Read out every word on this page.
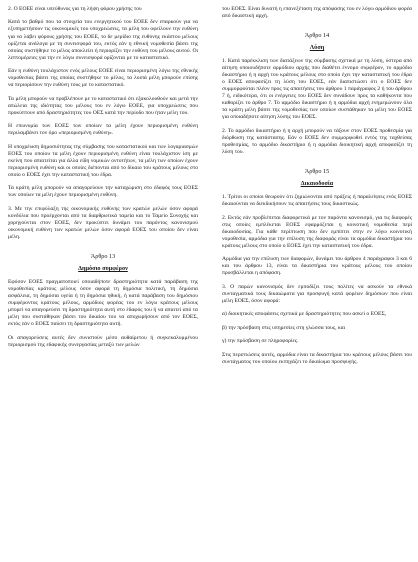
2. Ο ΕΟΕΕ είναι υπεύθυνος για τη λήψη φόρου χρήσης του

Κατά το βαθμό που τα στοιχεία του ενεργητικού του ΕΟΕΕ δεν επαρκούν για να εξυπηρετήσουν τις οικονομικές του υποχρεώσεις, τα μέλη του οφείλουν την ευθύνη για να λάβει φόρους χρήσης του ΕΟΕΕ, το δε μερίδιο της ευθύνης εκάστου μέλους ορίζεται ανάλογα με τη συνεισφορά του, εκτός εάν η εθνική νομοθεσία βάσει της οποίας συστήθηκε το μέλος αποκλείει ή περιορίζει την ευθύνη του μέλους αυτού. Οι λεπτομέρειες για την εν λόγω συνεισφορά ορίζονται με το καταστατικό.

Εάν η ευθύνη τουλάχιστον ενός μέλους ΕΟΕΕ είναι περιορισμένη λόγω της εθνικής νομοθεσίας βάσει της οποίας συστήθηκε το μέλος, τα λοιπά μέλη μπορούν επίσης να περιορίσουν την ευθύνη τους με το καταστατικό.

Τα μέλη μπορούν να προβλέπουν με το καταστατικό ότι εξακολουθούν και μετά την απώλεια της ιδιότητας του μέλους του εν λόγω ΕΟΕΕ, για υποχρεώσεις που προκύπτουν από δραστηριότητες του ΟΕΣ κατά την περίοδο που ήταν μέλη του.

Η επωνυμία των ΕΟΕΣ των οποίων τα μέλη έχουν περιορισμένη ευθύνη περιλαμβάνει τον όρο «περιορισμένη ευθύνη».

Η υποχρέωση δημοσιότητας της σύμβασης του καταστατικού και των λογαριασμών ΕΟΕΣ του οποίου τα μέλη έχουν περιορισμένη ευθύνη είναι τουλάχιστον ίση με εκείνη που απαιτείται για άλλα είδη νομικών οντοτήτων, τα μέλη των οποίων έχουν περιορισμένη ευθύνη και οι οποίες διέπονται από το δίκαιο του κράτους μέλους στο οποίο ο ΕΟΕΣ έχει την καταστατική του έδρα.

Τα κράτη μέλη μπορούν να απαγορεύουν την καταχώριση στο έδαφός τους ΕΟΕΣ των οποίων τα μέλη έχουν περιορισμένη ευθύνη.

3. Με την επιφύλαξη της οικονομικής ευθύνης των κρατών μελών όσον αφορά κονδύλια που προέρχονται από τα διαρθρωτικά ταμεία και το Ταμείο Συνοχής και χορηγούνται στον ΕΟΕΣ, δεν προκύπτει δυνάμει του παρόντος κανονισμού οικονομική ευθύνη των κρατών μελών όσον αφορά ΕΟΕΣ του οποίου δεν είναι μέλη.

Άρθρο 13
Δημόσιο συμφέρον

Εφόσον ΕΟΕΣ πραγματοποιεί οποιαδήποτε δραστηριότητα κατά παράβαση της νομοθεσίας κράτους μέλους όσον αφορά τη δημόσια πολιτική, τη δημόσια ασφάλεια, τη δημόσια υγεία ή τη δημόσια ηθική, ή κατά παράβαση του δημόσιου συμφέροντος κράτους μέλους, αρμόδιος φορέας του εν λόγω κράτους μέλους μπορεί να απαγορεύσει τη δραστηριότητα αυτή στο έδαφός του ή να απαιτεί από τα μέλη που συστάθηκαν βάσει του δικαίου του να αποχωρήσουν από τον ΕΟΕΣ, εκτός εάν ο ΕΟΕΣ παύσει τη δραστηριότητα αυτή.

Οι απαγορεύσεις αυτές δεν συνιστούν μέσο αυθαίρετου ή συγκεκαλυμμένου περιορισμού της εδαφικής συνεργασίας μεταξύ των μελών

του ΕΟΕΣ. Είναι δυνατή η επανεξέταση της απόφασης του εν λόγω αρμόδιου φορέα από δικαστική αρχή.

Άρθρο 14
Λύση

1. Κατά παρέκκλιση των διατάξεων της σύμβασης σχετικά με τη λύση, ύστερα από αίτηση οποιουδήποτε αρμόδιου αρχής που διαθέτει έννομο συμφέρον, το αρμόδιο δικαστήριο ή η αρχή του κράτους μέλους στο οποίο έχει την καταστατική του έδρα ο ΕΟΕΣ αποφασίζει τη λύση του ΕΟΕΣ, εάν διαπιστώσει ότι ο ΕΟΕΣ δεν συμμορφούται πλέον προς τις απαιτήσεις του άρθρου 1 παράγραφος 2 ή του άρθρου 7 ή, ειδικότερα, ότι οι ενέργειες του ΕΟΕΣ δεν συνάδουν προς τα καθήκοντα που καθορίζει το άρθρο 7. Το αρμόδιο δικαστήριο ή η αρμόδια αρχή ενημερώνουν όλα τα κράτη μέλη βάσει της νομοθεσίας των οποίων συστάθηκαν τα μέλη του ΕΟΕΣ για οποιαδήποτε αίτηση λύσης του ΕΟΕΣ.

2. Το αρμόδιο δικαστήριο ή η αρχή μπορούν να τάξουν στον ΕΟΕΣ προθεσμία για διόρθωση της κατάστασης. Εάν ο ΕΟΕΣ δεν συμμορφωθεί εντός της ταχθείσας προθεσμίας, το αρμόδιο δικαστήριο ή η αρμόδια διοικητική αρχή αποφασίζει τη λύση του.

Άρθρο 15
Δικαιοδοσία

1. Τρίτοι οι οποίοι θεωρούν ότι ζημιώνονται από πράξεις ή παραλείψεις ενός ΕΟΕΣ δικαιούνται να διεκδικήσουν τις απαιτήσεις τους δικαστικώς.

2. Εκτός εάν προβλέπεται διαφορετικά με τον παρόντα κανονισμό, για τις διαφορές στις οποίες εμπλέκεται ΕΟΕΣ εφαρμόζεται η κοινοτική νομοθεσία περί δικαιοδοσίας. Για κάθε περίπτωση που δεν εμπίπτει στην εν λόγω κοινοτική νομοθεσία, αρμόδια για την επίλυση της διαφοράς είναι τα αρμόδια δικαστήρια του κράτους μέλους στο οποίο ο ΕΟΕΣ έχει την καταστατική του έδρα.

Αρμόδια για την επίλυση των διαφορών, δυνάμει του άρθρου 4 παράγραφοι 3 και 6 και του άρθρου 13, είναι τα δικαστήρια του κράτους μέλους του οποίου προσβάλλεται η απόφαση.

3. Ο παρών κανονισμός δεν εμποδίζει τους πολίτες να ασκούν τα εθνικά συνταγματικά τους δικαιώματα για προσφυγή κατά φορέων δημόσιων που είναι μέλη ΕΟΕΣ, όσον αφορά:

α) διοικητικές αποφάσεις σχετικά με δραστηριότητες που ασκεί ο ΕΟΕΣ,

β) την πρόσβαση στις υπηρεσίες στη γλώσσα τους, και

γ) την πρόσβαση σε πληροφορίες.

Στις περιπτώσεις αυτές, αρμόδια είναι τα δικαστήρια του κράτους μέλους βάσει του συντάγματος του οποίου εκπηγάζει το δικαίωμα προσφυγής.
